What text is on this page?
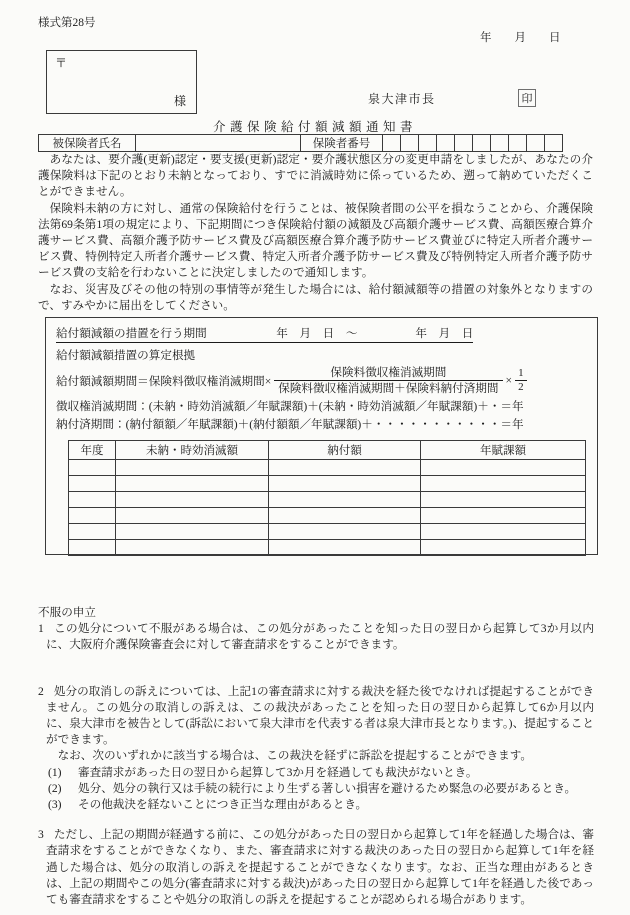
様式第28号
年　　月　　日
〒
様	泉大津市長	印
介護保険給付額減額通知書
被保険者氏名		保険者番号										

あなたは、要介護(更新)認定・要支援(更新)認定・要介護状態区分の変更申請をしましたが、あなたの介護保険料は下記のとおり未納となっており、すでに消滅時効に係っているため、遡って納めていただくことができません。

保険料未納の方に対し、通常の保険給付を行うことは、被保険者間の公平を損なうことから、介護保険法第69条第1項の規定により、下記期間につき保険給付額の減額及び高額介護サービス費、高額医療合算介護サービス費、高額介護予防サービス費及び高額医療合算介護予防サービス費並びに特定入所者介護サービス費、特例特定入所者介護サービス費、特定入所者介護予防サービス費及び特例特定入所者介護予防サービス費の支給を行わないことに決定しましたので通知します。

なお、災害及びその他の特別の事情等が発生した場合には、給付額減額等の措置の対象外となりますので、すみやかに届出をしてください。

給付額減額の措置を行う期間　　　　　　年　月　日　～　　　　　年　月　日
給付額減額措置の算定根拠
給付額減額期間＝保険料徴収権消滅期間× $\frac{\text{保険料徴収権消滅期間}}{\text{保険料徴収権消滅期間＋保険料納付済期間}} \times \frac{1}{2}$
徴収権消滅期間：(未納・時効消滅額／年賦課額)＋(未納・時効消滅額／年賦課額)＋・＝年
納付済期間：(納付額額／年賦課額)＋(納付額額／年賦課額)＋・・・・・・・・・・・＝年
年度	未納・時効消滅額	納付額	年賦課額

不服の申立
1 この処分について不服がある場合は、この処分があったことを知った日の翌日から起算して3か月以内に、大阪府介護保険審査会に対して審査請求をすることができます。
2 処分の取消しの訴えについては、上記1の審査請求に対する裁決を経た後でなければ提起することができません。この処分の取消しの訴えは、この裁決があったことを知った日の翌日から起算して6か月以内に、泉大津市を被告として(訴訟において泉大津市を代表する者は泉大津市長となります。)、提起することができます。
なお、次のいずれかに該当する場合は、この裁決を経ずに訴訟を提起することができます。
(1) 審査請求があった日の翌日から起算して3か月を経過しても裁決がないとき。
(2) 処分、処分の執行又は手続の続行により生ずる著しい損害を避けるため緊急の必要があるとき。
(3) その他裁決を経ないことにつき正当な理由があるとき。
3 ただし、上記の期間が経過する前に、この処分があった日の翌日から起算して1年を経過した場合は、審査請求をすることができなくなり、また、審査請求に対する裁決のあった日の翌日から起算して1年を経過した場合は、処分の取消しの訴えを提起することができなくなります。なお、正当な理由があるときは、上記の期間やこの処分(審査請求に対する裁決)があった日の翌日から起算して1年を経過した後であっても審査請求をすることや処分の取消しの訴えを提起することが認められる場合があります。
